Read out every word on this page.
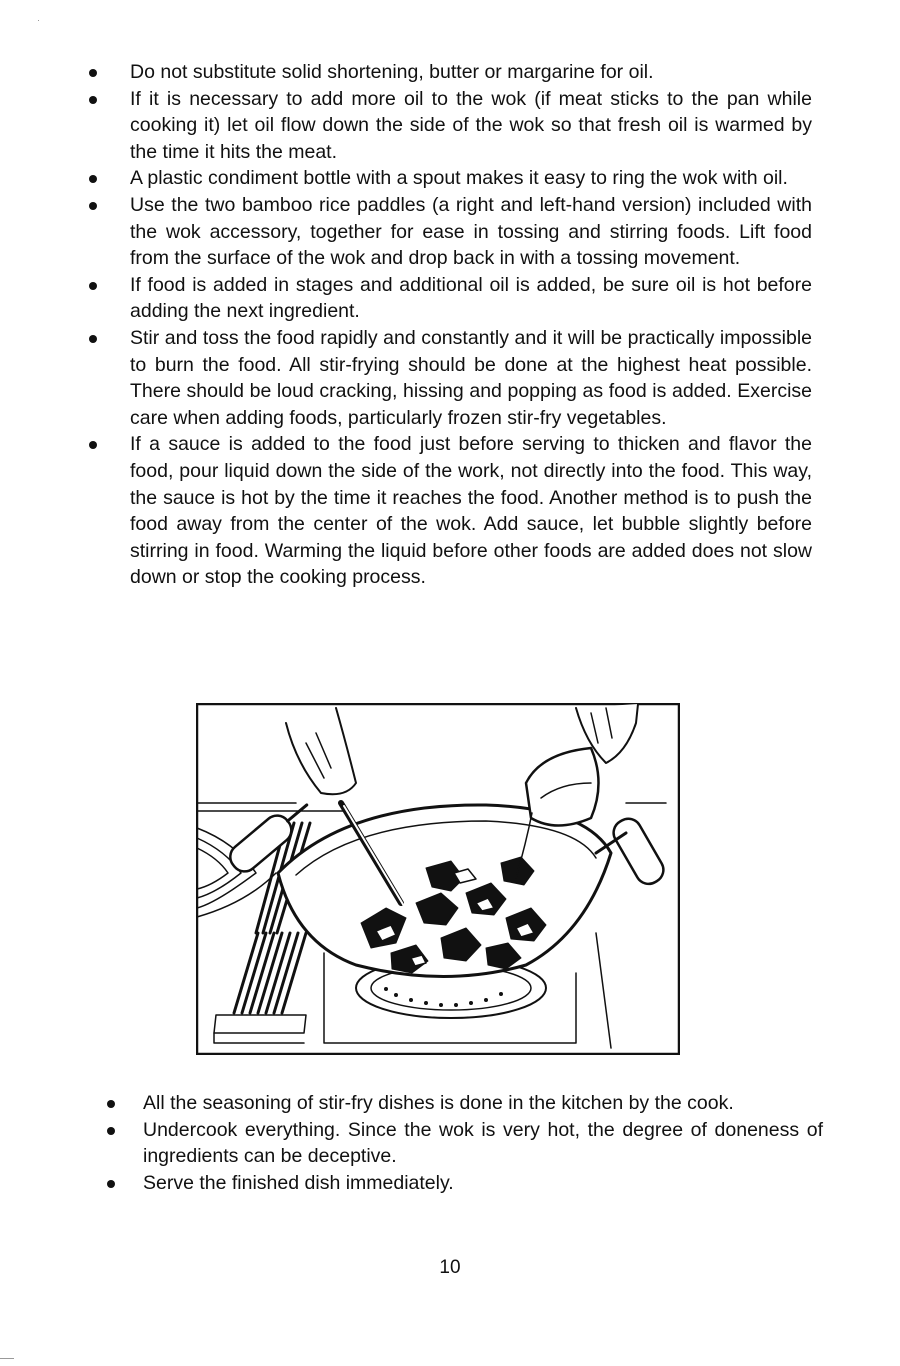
Do not substitute solid shortening, butter or margarine for oil.
If it is necessary to add more oil to the wok (if meat sticks to the pan while cooking it) let oil flow down the side of the wok so that fresh oil is warmed by the time it hits the meat.
A plastic condiment bottle with a spout makes it easy to ring the wok with oil.
Use the two bamboo rice paddles (a right and left-hand version) included with the wok accessory, together for ease in tossing and stirring foods. Lift food from the surface of the wok and drop back in with a tossing movement.
If food is added in stages and additional oil is added, be sure oil is hot before adding the next ingredient.
Stir and toss the food rapidly and constantly and it will be practically impossible to burn the food. All stir-frying should be done at the highest heat possible. There should be loud cracking, hissing and popping as food is added. Exercise care when adding foods, particularly frozen stir-fry vegetables.
If a sauce is added to the food just before serving to thicken and flavor the food, pour liquid down the side of the work, not directly into the food. This way, the sauce is hot by the time it reaches the food. Another method is to push the food away from the center of the wok. Add sauce, let bubble slightly before stirring in food. Warming the liquid before other foods are added does not slow down or stop the cooking process.
All the seasoning of stir-fry dishes is done in the kitchen by the cook.
Undercook everything. Since the wok is very hot, the degree of doneness of ingredients can be deceptive.
Serve the finished dish immediately.
10
